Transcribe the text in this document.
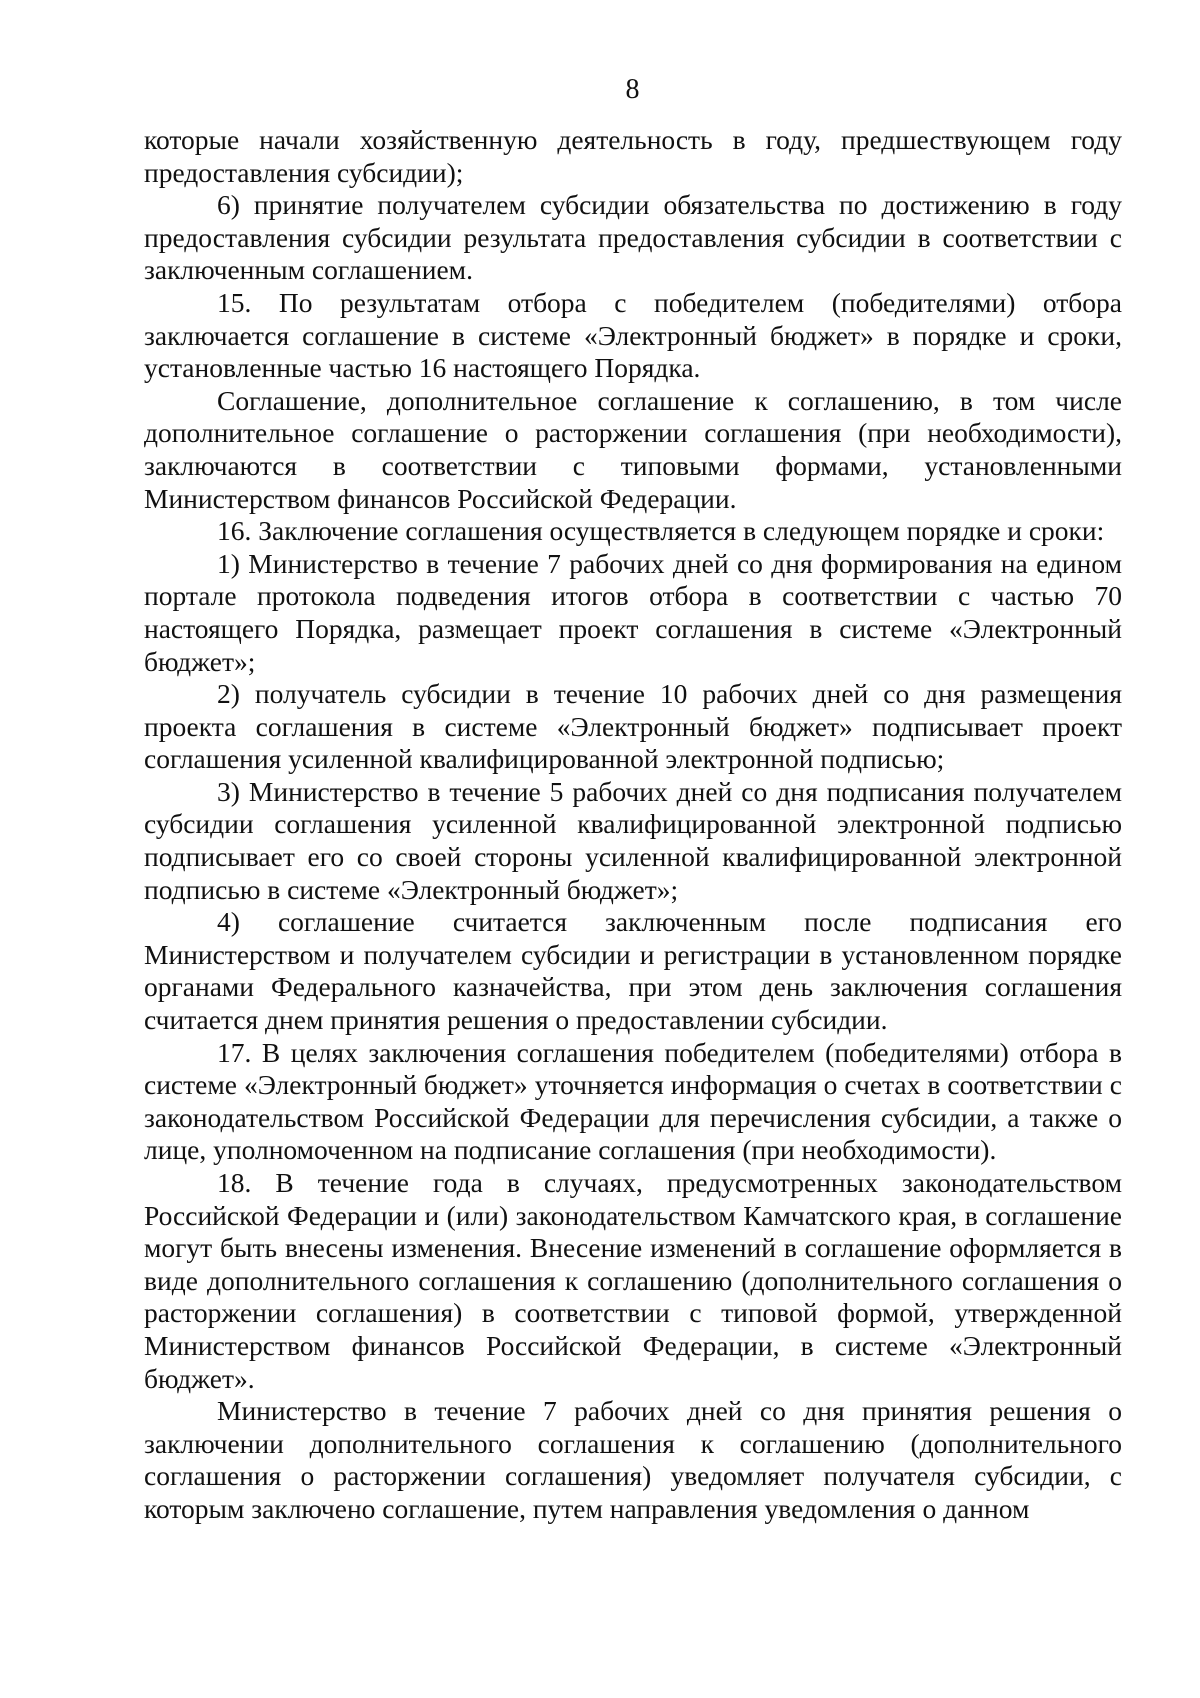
8

которые начали хозяйственную деятельность в году, предшествующем году предоставления субсидии);

6) принятие получателем субсидии обязательства по достижению в году предоставления субсидии результата предоставления субсидии в соответствии с заключенным соглашением.

15. По результатам отбора с победителем (победителями) отбора заключается соглашение в системе «Электронный бюджет» в порядке и сроки, установленные частью 16 настоящего Порядка.

Соглашение, дополнительное соглашение к соглашению, в том числе дополнительное соглашение о расторжении соглашения (при необходимости), заключаются в соответствии с типовыми формами, установленными Министерством финансов Российской Федерации.

16. Заключение соглашения осуществляется в следующем порядке и сроки:

1) Министерство в течение 7 рабочих дней со дня формирования на едином портале протокола подведения итогов отбора в соответствии с частью 70 настоящего Порядка, размещает проект соглашения в системе «Электронный бюджет»;

2) получатель субсидии в течение 10 рабочих дней со дня размещения проекта соглашения в системе «Электронный бюджет» подписывает проект соглашения усиленной квалифицированной электронной подписью;

3) Министерство в течение 5 рабочих дней со дня подписания получателем субсидии соглашения усиленной квалифицированной электронной подписью подписывает его со своей стороны усиленной квалифицированной электронной подписью в системе «Электронный бюджет»;

4) соглашение считается заключенным после подписания его Министерством и получателем субсидии и регистрации в установленном порядке органами Федерального казначейства, при этом день заключения соглашения считается днем принятия решения о предоставлении субсидии.

17. В целях заключения соглашения победителем (победителями) отбора в системе «Электронный бюджет» уточняется информация о счетах в соответствии с законодательством Российской Федерации для перечисления субсидии, а также о лице, уполномоченном на подписание соглашения (при необходимости).

18. В течение года в случаях, предусмотренных законодательством Российской Федерации и (или) законодательством Камчатского края, в соглашение могут быть внесены изменения. Внесение изменений в соглашение оформляется в виде дополнительного соглашения к соглашению (дополнительного соглашения о расторжении соглашения) в соответствии с типовой формой, утвержденной Министерством финансов Российской Федерации, в системе «Электронный бюджет».

Министерство в течение 7 рабочих дней со дня принятия решения о заключении дополнительного соглашения к соглашению (дополнительного соглашения о расторжении соглашения) уведомляет получателя субсидии, с которым заключено соглашение, путем направления уведомления о данном
